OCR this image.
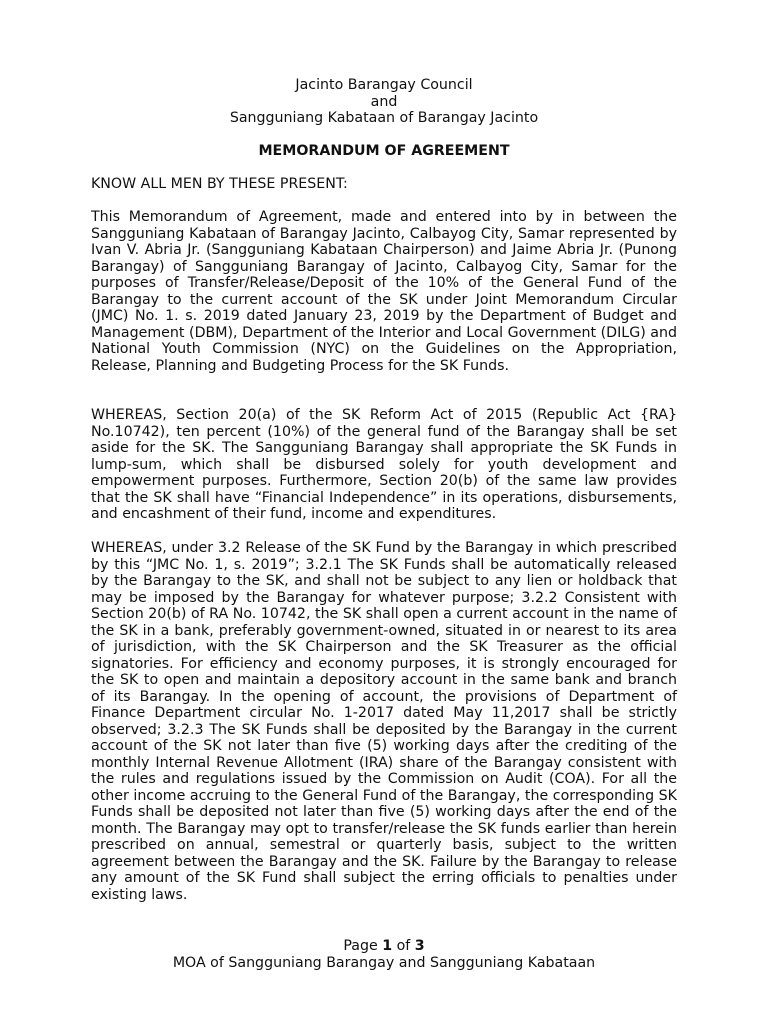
Jacinto Barangay Council
and
Sangguniang Kabataan of Barangay Jacinto
MEMORANDUM OF AGREEMENT
KNOW ALL MEN BY THESE PRESENT:
This Memorandum of Agreement, made and entered into by in between the Sangguniang Kabataan of Barangay Jacinto, Calbayog City, Samar represented by Ivan V. Abria Jr. (Sangguniang Kabataan Chairperson) and Jaime Abria Jr. (Punong Barangay) of Sangguniang Barangay of Jacinto, Calbayog City, Samar for the purposes of Transfer/Release/Deposit of the 10% of the General Fund of the Barangay to the current account of the SK under Joint Memorandum Circular (JMC) No. 1. s. 2019 dated January 23, 2019 by the Department of Budget and Management (DBM), Department of the Interior and Local Government (DILG) and National Youth Commission (NYC) on the Guidelines on the Appropriation, Release, Planning and Budgeting Process for the SK Funds.
WHEREAS, Section 20(a) of the SK Reform Act of 2015 (Republic Act {RA} No.10742), ten percent (10%) of the general fund of the Barangay shall be set aside for the SK. The Sangguniang Barangay shall appropriate the SK Funds in lump-sum, which shall be disbursed solely for youth development and empowerment purposes. Furthermore, Section 20(b) of the same law provides that the SK shall have “Financial Independence” in its operations, disbursements, and encashment of their fund, income and expenditures.
WHEREAS, under 3.2 Release of the SK Fund by the Barangay in which prescribed by this “JMC No. 1, s. 2019”; 3.2.1 The SK Funds shall be automatically released by the Barangay to the SK, and shall not be subject to any lien or holdback that may be imposed by the Barangay for whatever purpose; 3.2.2 Consistent with Section 20(b) of RA No. 10742, the SK shall open a current account in the name of the SK in a bank, preferably government-owned, situated in or nearest to its area of jurisdiction, with the SK Chairperson and the SK Treasurer as the official signatories. For efficiency and economy purposes, it is strongly encouraged for the SK to open and maintain a depository account in the same bank and branch of its Barangay. In the opening of account, the provisions of Department of Finance Department circular No. 1-2017 dated May 11,2017 shall be strictly observed; 3.2.3 The SK Funds shall be deposited by the Barangay in the current account of the SK not later than five (5) working days after the crediting of the monthly Internal Revenue Allotment (IRA) share of the Barangay consistent with the rules and regulations issued by the Commission on Audit (COA). For all the other income accruing to the General Fund of the Barangay, the corresponding SK Funds shall be deposited not later than five (5) working days after the end of the month. The Barangay may opt to transfer/release the SK funds earlier than herein prescribed on annual, semestral or quarterly basis, subject to the written agreement between the Barangay and the SK. Failure by the Barangay to release any amount of the SK Fund shall subject the erring officials to penalties under existing laws.
Page 1 of 3
MOA of Sangguniang Barangay and Sangguniang Kabataan
